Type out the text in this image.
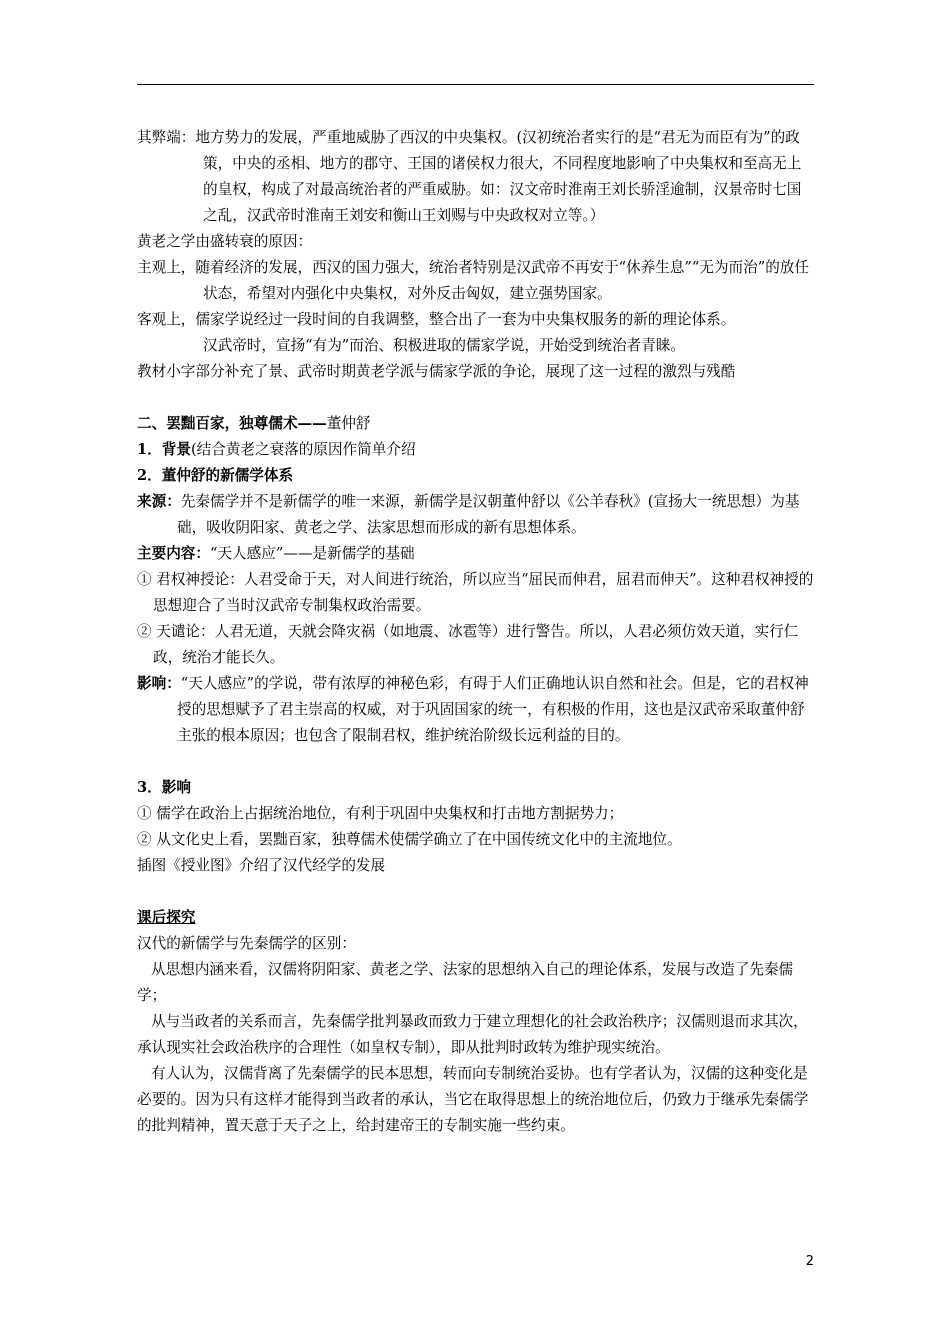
其弊端：地方势力的发展，严重地威胁了西汉的中央集权。(汉初统治者实行的是“君无为而臣有为”的政策，中央的丞相、地方的郡守、王国的诸侯权力很大，不同程度地影响了中央集权和至高无上的皇权，构成了对最高统治者的严重威胁。如：汉文帝时淮南王刘长骄淫逾制，汉景帝时七国之乱，汉武帝时淮南王刘安和衡山王刘赐与中央政权对立等。）

黄老之学由盛转衰的原因：

主观上，随着经济的发展，西汉的国力强大，统治者特别是汉武帝不再安于“休养生息”“无为而治”的放任状态，希望对内强化中央集权，对外反击匈奴，建立强势国家。

客观上，儒家学说经过一段时间的自我调整，整合出了一套为中央集权服务的新的理论体系。

汉武帝时，宣扬“有为”而治、积极进取的儒家学说，开始受到统治者青睐。

教材小字部分补充了景、武帝时期黄老学派与儒家学派的争论，展现了这一过程的激烈与残酷

二、罢黜百家，独尊儒术——董仲舒

1．背景(结合黄老之衰落的原因作简单介绍

2．董仲舒的新儒学体系

来源：先秦儒学并不是新儒学的唯一来源，新儒学是汉朝董仲舒以《公羊春秋》(宣扬大一统思想）为基础，吸收阴阳家、黄老之学、法家思想而形成的新有思想体系。

主要内容：“天人感应”——是新儒学的基础

① 君权神授论：人君受命于天，对人间进行统治，所以应当“屈民而伸君，屈君而伸天”。这种君权神授的思想迎合了当时汉武帝专制集权政治需要。

② 天谴论：人君无道，天就会降灾祸（如地震、冰雹等）进行警告。所以，人君必须仿效天道，实行仁政，统治才能长久。

影响：“天人感应”的学说，带有浓厚的神秘色彩，有碍于人们正确地认识自然和社会。但是，它的君权神授的思想赋予了君主崇高的权威，对于巩固国家的统一，有积极的作用，这也是汉武帝采取董仲舒主张的根本原因；也包含了限制君权，维护统治阶级长远利益的目的。

3．影响

① 儒学在政治上占据统治地位，有利于巩固中央集权和打击地方割据势力；

② 从文化史上看，罢黜百家，独尊儒术使儒学确立了在中国传统文化中的主流地位。

插图《授业图》介绍了汉代经学的发展

课后探究

汉代的新儒学与先秦儒学的区别：

从思想内涵来看，汉儒将阴阳家、黄老之学、法家的思想纳入自己的理论体系，发展与改造了先秦儒学；

从与当政者的关系而言，先秦儒学批判暴政而致力于建立理想化的社会政治秩序；汉儒则退而求其次，承认现实社会政治秩序的合理性（如皇权专制），即从批判时政转为维护现实统治。

有人认为，汉儒背离了先秦儒学的民本思想，转而向专制统治妥协。也有学者认为，汉儒的这种变化是必要的。因为只有这样才能得到当政者的承认，当它在取得思想上的统治地位后，仍致力于继承先秦儒学的批判精神，置天意于天子之上，给封建帝王的专制实施一些约束。

2
